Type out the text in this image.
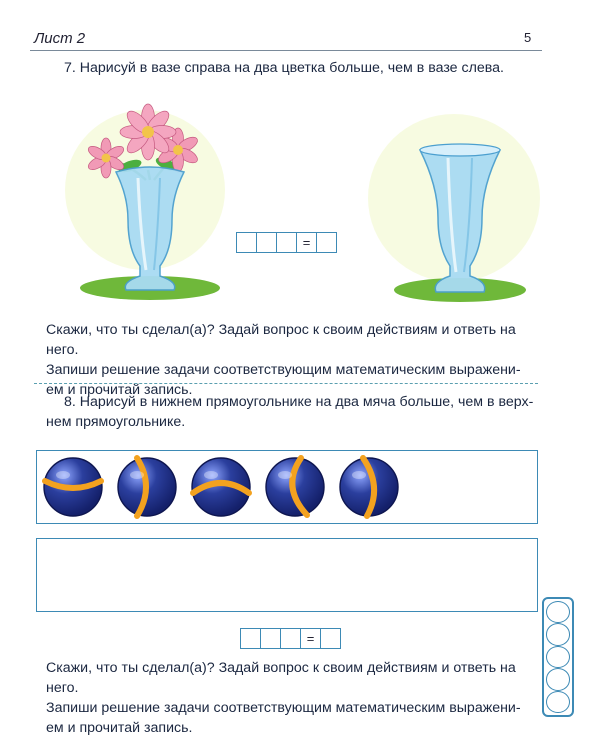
Лист 2	5

7. Нарисуй в вазе справа на два цветка больше, чем в вазе слева.

=

Скажи, что ты сделал(а)? Задай вопрос к своим действиям и ответь на него.

Запиши решение задачи соответствующим математическим выражени-

ем и прочитай запись.

8. Нарисуй в нижнем прямоугольнике на два мяча больше, чем в верх-

нем прямоугольнике.

=

Скажи, что ты сделал(а)? Задай вопрос к своим действиям и ответь на него.

Запиши решение задачи соответствующим математическим выражени-

ем и прочитай запись.
